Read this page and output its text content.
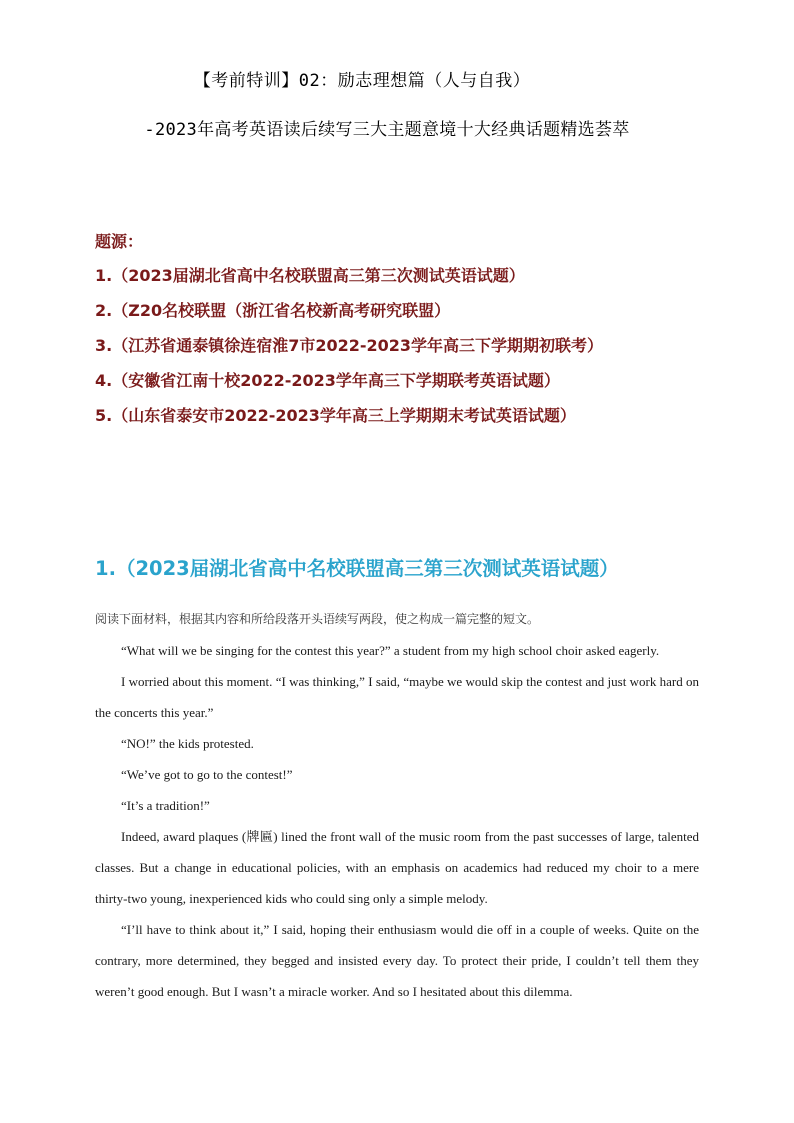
【考前特训】02：励志理想篇（人与自我）
-2023年高考英语读后续写三大主题意境十大经典话题精选荟萃
题源：
1.（2023届湖北省高中名校联盟高三第三次测试英语试题）
2.（Z20名校联盟（浙江省名校新高考研究联盟）
3.（江苏省通泰镇徐连宿淮7市2022-2023学年高三下学期期初联考）
4.（安徽省江南十校2022-2023学年高三下学期联考英语试题）
5.（山东省泰安市2022-2023学年高三上学期期末考试英语试题）
1.（2023届湖北省高中名校联盟高三第三次测试英语试题）

阅读下面材料，根据其内容和所给段落开头语续写两段，使之构成一篇完整的短文。

“What will we be singing for the contest this year?” a student from my high school choir asked eagerly.

I worried about this moment. “I was thinking,” I said, “maybe we would skip the contest and just work hard on the concerts this year.”

“NO!” the kids protested.

“We’ve got to go to the contest!”

“It’s a tradition!”

Indeed, award plaques (牌匾) lined the front wall of the music room from the past successes of large, talented classes. But a change in educational policies, with an emphasis on academics had reduced my choir to a mere thirty-two young, inexperienced kids who could sing only a simple melody.

“I’ll have to think about it,” I said, hoping their enthusiasm would die off in a couple of weeks. Quite on the contrary, more determined, they begged and insisted every day. To protect their pride, I couldn’t tell them they weren’t good enough. But I wasn’t a miracle worker. And so I hesitated about this dilemma.
